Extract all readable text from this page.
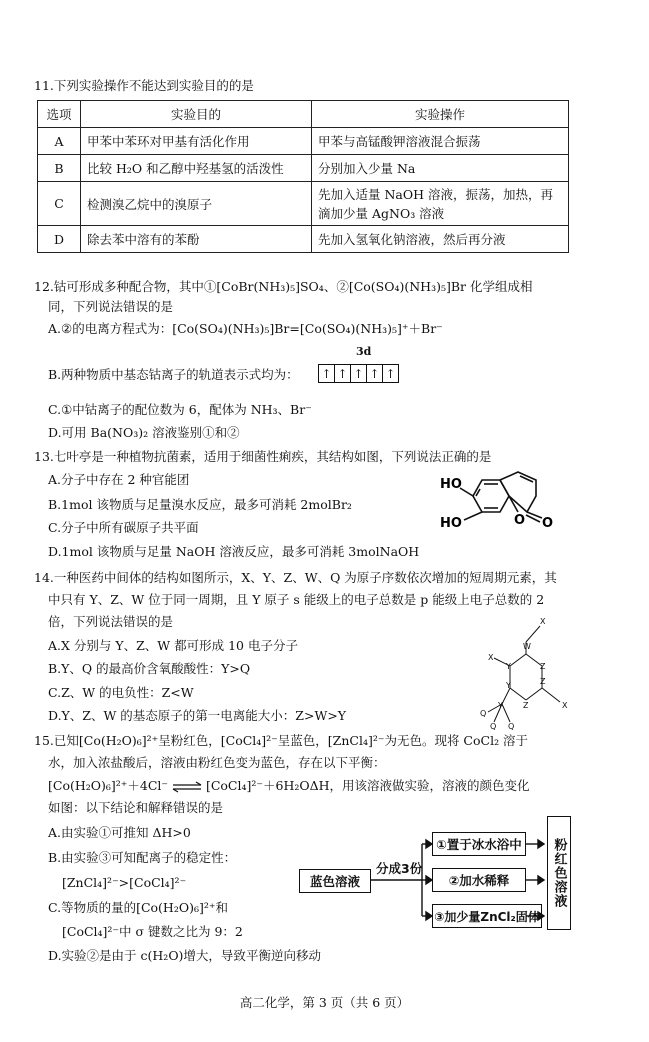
11.下列实验操作不能达到实验目的的是
选项	实验目的	实验操作
A	甲苯中苯环对甲基有活化作用	甲苯与高锰酸钾溶液混合振荡
B	比较 H₂O 和乙醇中羟基氢的活泼性	分别加入少量 Na
C	检测溴乙烷中的溴原子	先加入适量 NaOH 溶液，振荡，加热，再
滴加少量 AgNO₃ 溶液

D	除去苯中溶有的苯酚	先加入氢氧化钠溶液，然后再分液
12.钴可形成多种配合物，其中①[CoBr(NH₃)₅]SO₄、②[Co(SO₄)(NH₃)₅]Br 化学组成相
同，下列说法错误的是
A.②的电离方程式为：[Co(SO₄)(NH₃)₅]Br=[Co(SO₄)(NH₃)₅]⁺＋Br⁻
3d
B.两种物质中基态钴离子的轨道表示式均为： ↑ ↑ ↑ ↑ ↑
C.①中钴离子的配位数为 6，配体为 NH₃、Br⁻
D.可用 Ba(NO₃)₂ 溶液鉴别①和②
13.七叶亭是一种植物抗菌素，适用于细菌性痢疾，其结构如图，下列说法正确的是
A.分子中存在 2 种官能团
B.1mol 该物质与足量溴水反应，最多可消耗 2molBr₂
C.分子中所有碳原子共平面
D.1mol 该物质与足量 NaOH 溶液反应，最多可消耗 3molNaOH
HO
HO	O O
14.一种医药中间体的结构如图所示，X、Y、Z、W、Q 为原子序数依次增加的短周期元素，其
中只有 Y、Z、W 位于同一周期，且 Y 原子 s 能级上的电子总数是 p 能级上电子总数的 2
倍，下列说法错误的是
A.X 分别与 Y、Z、W 都可形成 10 电子分子
B.Y、Q 的最高价含氧酸酸性：Y>Q
C.Z、W 的电负性：Z<W
D.Y、Z、W 的基态原子的第一电离能大小：Z>W>Y
X
W
X
Y	Z
Z
Y
Z	X
Y
Q
Q Q
15.已知[Co(H₂O)₆]²⁺呈粉红色，[CoCl₄]²⁻呈蓝色，[ZnCl₄]²⁻为无色。现将 CoCl₂ 溶于
水，加入浓盐酸后，溶液由粉红色变为蓝色，存在以下平衡：
[Co(H₂O)₆]²⁺＋4Cl⁻ ⇌ [CoCl₄]²⁻＋6H₂OΔH，用该溶液做实验，溶液的颜色变化
如图：以下结论和解释错误的是
A.由实验①可推知 ΔH>0
B.由实验③可知配离子的稳定性：
[ZnCl₄]²⁻>[CoCl₄]²⁻
C.等物质的量的[Co(H₂O)₆]²⁺和
[CoCl₄]²⁻中 σ 键数之比为 9：2
D.实验②是由于 c(H₂O)增大，导致平衡逆向移动
蓝色溶液
分成3份
①置于冰水浴中
②加水稀释
③加少量ZnCl₂固体
粉红色溶液
高二化学，第 3 页（共 6 页）
